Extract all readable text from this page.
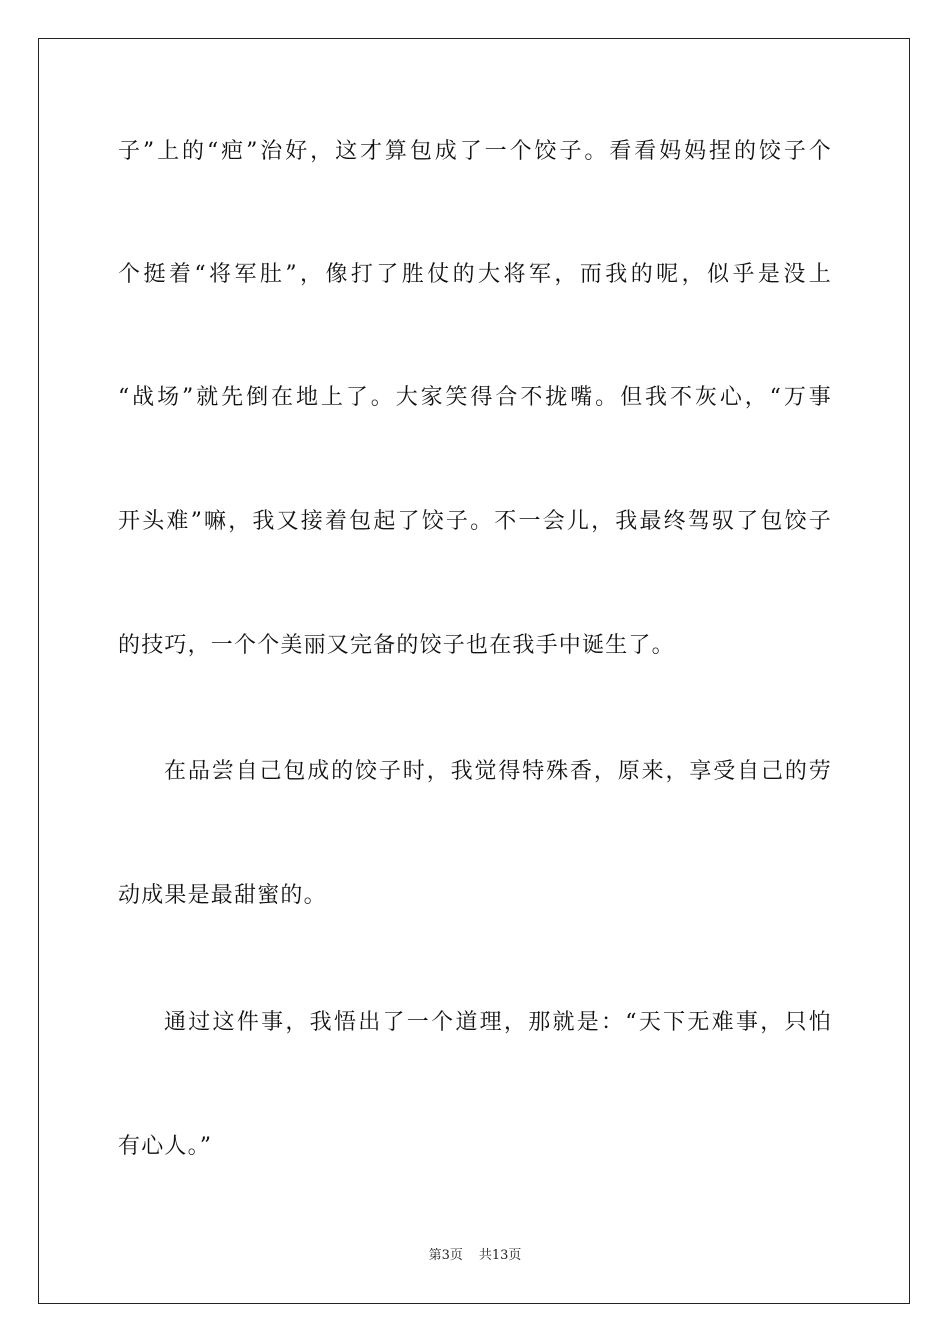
子”上的“疤”治好，这才算包成了一个饺子。看看妈妈捏的饺子个
个挺着“将军肚”，像打了胜仗的大将军，而我的呢，似乎是没上
“战场”就先倒在地上了。大家笑得合不拢嘴。但我不灰心，“万事
开头难”嘛，我又接着包起了饺子。不一会儿，我最终驾驭了包饺子
的技巧，一个个美丽又完备的饺子也在我手中诞生了。
在品尝自己包成的饺子时，我觉得特殊香，原来，享受自己的劳
动成果是最甜蜜的。
通过这件事，我悟出了一个道理，那就是：“天下无难事，只怕
有心人。”
第3页 共13页
